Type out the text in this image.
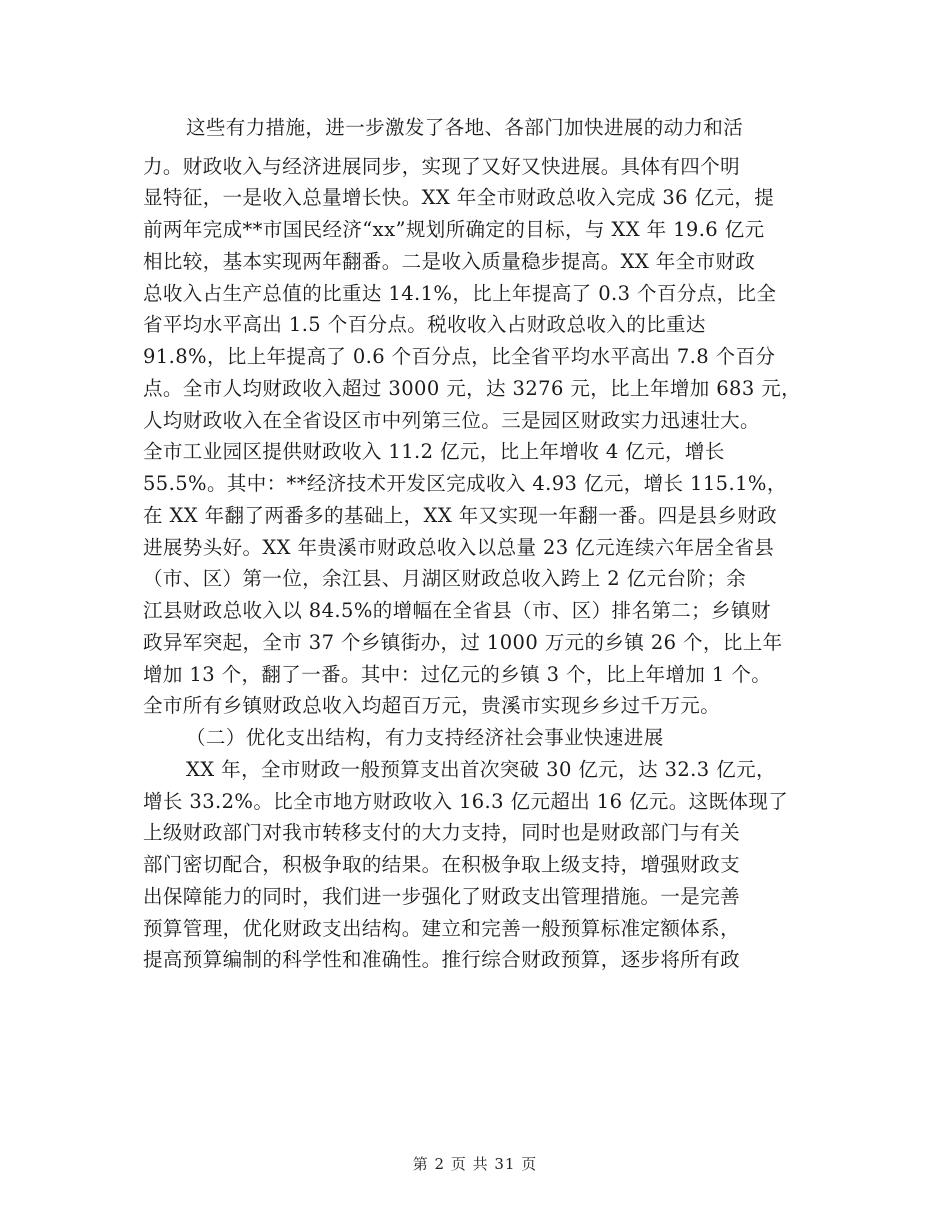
这些有力措施，进一步激发了各地、各部门加快进展的动力和活
力。财政收入与经济进展同步，实现了又好又快进展。具体有四个明
显特征，一是收入总量增长快。XX 年全市财政总收入完成 36 亿元，提
前两年完成**市国民经济“xx”规划所确定的目标，与 XX 年 19.6 亿元
相比较，基本实现两年翻番。二是收入质量稳步提高。XX 年全市财政
总收入占生产总值的比重达 14.1%，比上年提高了 0.3 个百分点，比全
省平均水平高出 1.5 个百分点。税收收入占财政总收入的比重达
91.8%，比上年提高了 0.6 个百分点，比全省平均水平高出 7.8 个百分
点。全市人均财政收入超过 3000 元，达 3276 元，比上年增加 683 元，
人均财政收入在全省设区市中列第三位。三是园区财政实力迅速壮大。
全市工业园区提供财政收入 11.2 亿元，比上年增收 4 亿元，增长
55.5%。其中：**经济技术开发区完成收入 4.93 亿元，增长 115.1%，
在 XX 年翻了两番多的基础上，XX 年又实现一年翻一番。四是县乡财政
进展势头好。XX 年贵溪市财政总收入以总量 23 亿元连续六年居全省县
（市、区）第一位，余江县、月湖区财政总收入跨上 2 亿元台阶；余
江县财政总收入以 84.5%的增幅在全省县（市、区）排名第二；乡镇财
政异军突起，全市 37 个乡镇街办，过 1000 万元的乡镇 26 个，比上年
增加 13 个，翻了一番。其中：过亿元的乡镇 3 个，比上年增加 1 个。
全市所有乡镇财政总收入均超百万元，贵溪市实现乡乡过千万元。
（二）优化支出结构，有力支持经济社会事业快速进展
XX 年，全市财政一般预算支出首次突破 30 亿元，达 32.3 亿元，
增长 33.2%。比全市地方财政收入 16.3 亿元超出 16 亿元。这既体现了
上级财政部门对我市转移支付的大力支持，同时也是财政部门与有关
部门密切配合，积极争取的结果。在积极争取上级支持，增强财政支
出保障能力的同时，我们进一步强化了财政支出管理措施。一是完善
预算管理，优化财政支出结构。建立和完善一般预算标准定额体系，
提高预算编制的科学性和准确性。推行综合财政预算，逐步将所有政
第 2 页 共 31 页
